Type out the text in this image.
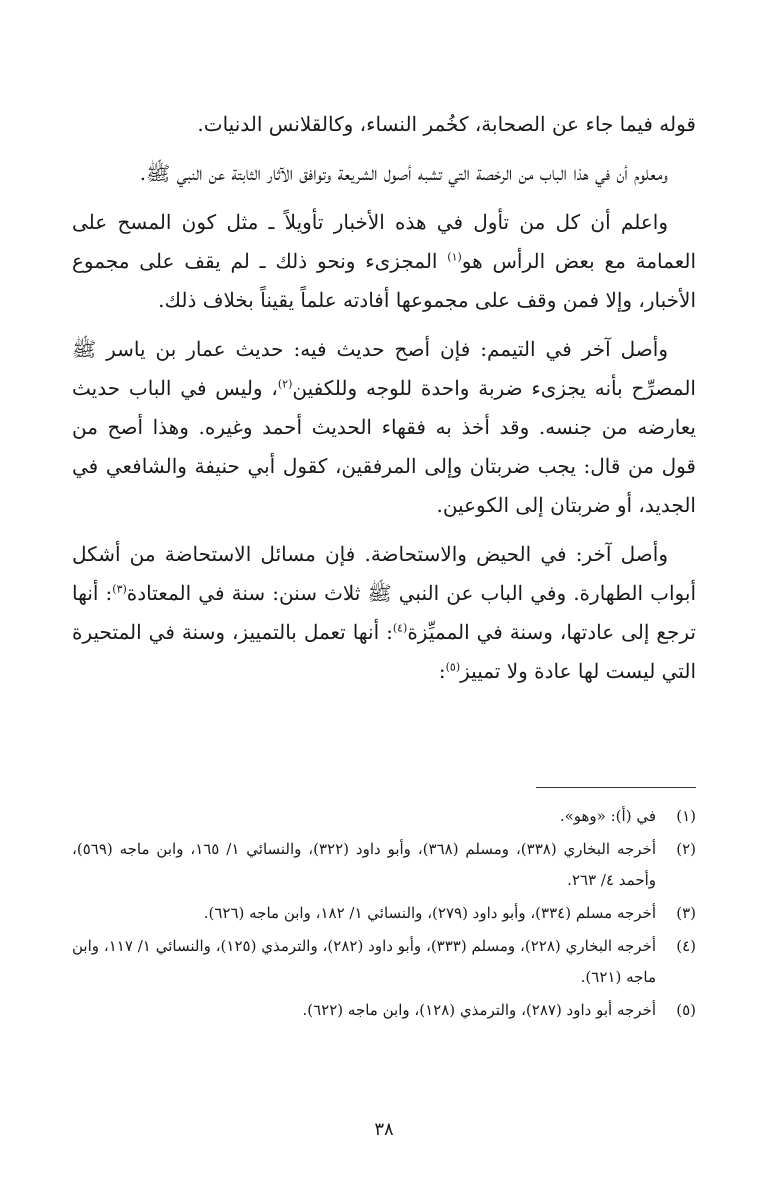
قوله فيما جاء عن الصحابة، كخُمر النساء، وكالقلانس الدنيات.

ومعلوم أن في هذا الباب من الرخصة التي تشبه أصول الشريعة وتوافق الآثار الثابتة عن النبي ﷺ.

واعلم أن كل من تأول في هذه الأخبار تأويلاً ـ مثل كون المسح على العمامة مع بعض الرأس هو$^{(١)}$ المجزىء ونحو ذلك ـ لم يقف على مجموع الأخبار، وإلا فمن وقف على مجموعها أفادته علماً يقيناً بخلاف ذلك.

وأصل آخر في التيمم: فإن أصح حديث فيه: حديث عمار بن ياسر ﷺ المصرِّح بأنه يجزىء ضربة واحدة للوجه وللكفين$^{(٢)}$، وليس في الباب حديث يعارضه من جنسه. وقد أخذ به فقهاء الحديث أحمد وغيره. وهذا أصح من قول من قال: يجب ضربتان وإلى المرفقين، كقول أبي حنيفة والشافعي في الجديد، أو ضربتان إلى الكوعين.

وأصل آخر: في الحيض والاستحاضة. فإن مسائل الاستحاضة من أشكل أبواب الطهارة. وفي الباب عن النبي ﷺ ثلاث سنن: سنة في المعتادة$^{(٣)}$: أنها ترجع إلى عادتها، وسنة في المميِّزة$^{(٤)}$: أنها تعمل بالتمييز، وسنة في المتحيرة التي ليست لها عادة ولا تمييز$^{(٥)}$:

(١)
في (أ): «وهو».
(٢)
أخرجه البخاري (٣٣٨)، ومسلم (٣٦٨)، وأبو داود (٣٢٢)، والنسائي ١/ ١٦٥، وابن ماجه (٥٦٩)، وأحمد ٤/ ٢٦٣.
(٣)
أخرجه مسلم (٣٣٤)، وأبو داود (٢٧٩)، والنسائي ١/ ١٨٢، وابن ماجه (٦٢٦).
(٤)
أخرجه البخاري (٢٢٨)، ومسلم (٣٣٣)، وأبو داود (٢٨٢)، والترمذي (١٢٥)، والنسائي ١/ ١١٧، وابن ماجه (٦٢١).
(٥)
أخرجه أبو داود (٢٨٧)، والترمذي (١٢٨)، وابن ماجه (٦٢٢).
٣٨
